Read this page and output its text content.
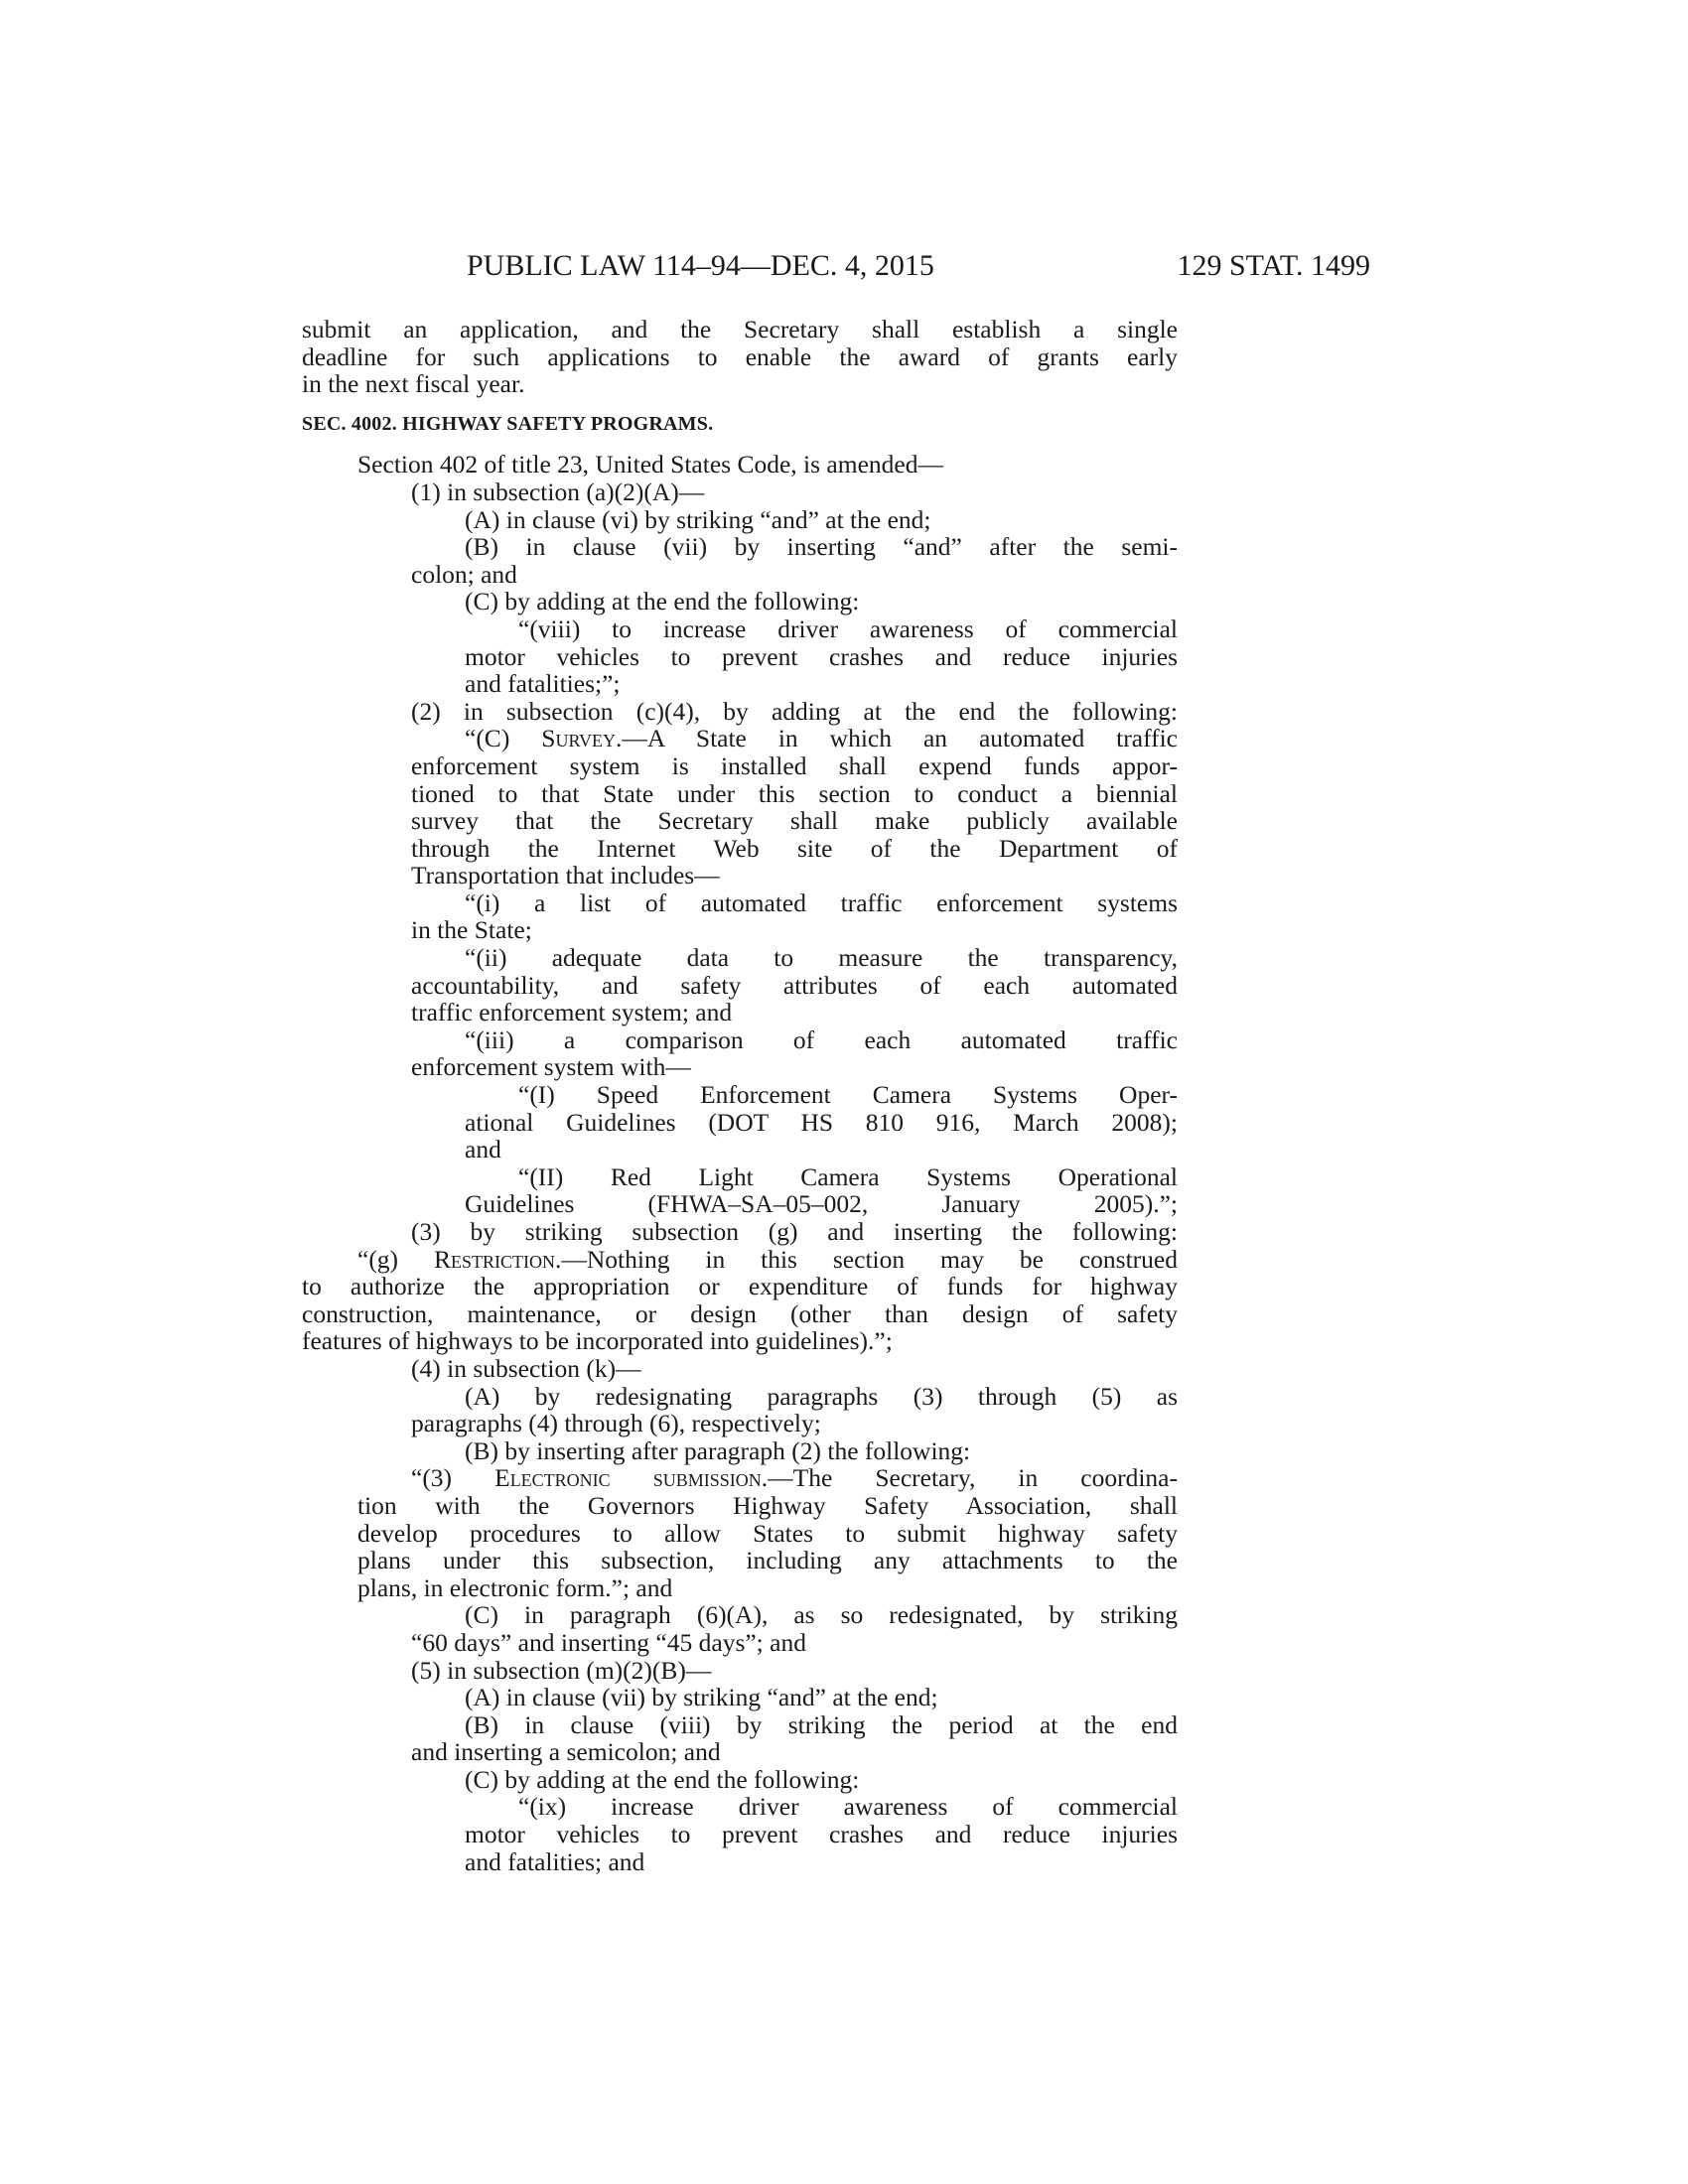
PUBLIC LAW 114–94—DEC. 4, 2015	129 STAT. 1499

submit an application, and the Secretary shall establish a single

deadline for such applications to enable the award of grants early

in the next fiscal year.

SEC. 4002. HIGHWAY SAFETY PROGRAMS.

Section 402 of title 23, United States Code, is amended—

(1) in subsection (a)(2)(A)—

(A) in clause (vi) by striking “and” at the end;

(B) in clause (vii) by inserting “and” after the semi-

colon; and

(C) by adding at the end the following:

“(viii) to increase driver awareness of commercial

motor vehicles to prevent crashes and reduce injuries

and fatalities;”;

(2) in subsection (c)(4), by adding at the end the following:

“(C) Survey.—A State in which an automated traffic

enforcement system is installed shall expend funds appor-

tioned to that State under this section to conduct a biennial

survey that the Secretary shall make publicly available

through the Internet Web site of the Department of

Transportation that includes—

“(i) a list of automated traffic enforcement systems

in the State;

“(ii) adequate data to measure the transparency,

accountability, and safety attributes of each automated

traffic enforcement system; and

“(iii) a comparison of each automated traffic

enforcement system with—

“(I) Speed Enforcement Camera Systems Oper-

ational Guidelines (DOT HS 810 916, March 2008);

and

“(II) Red Light Camera Systems Operational

Guidelines (FHWA–SA–05–002, January 2005).”;

(3) by striking subsection (g) and inserting the following:

“(g) Restriction.—Nothing in this section may be construed

to authorize the appropriation or expenditure of funds for highway

construction, maintenance, or design (other than design of safety

features of highways to be incorporated into guidelines).”;

(4) in subsection (k)—

(A) by redesignating paragraphs (3) through (5) as

paragraphs (4) through (6), respectively;

(B) by inserting after paragraph (2) the following:

“(3) Electronic submission.—The Secretary, in coordina-

tion with the Governors Highway Safety Association, shall

develop procedures to allow States to submit highway safety

plans under this subsection, including any attachments to the

plans, in electronic form.”; and

(C) in paragraph (6)(A), as so redesignated, by striking

“60 days” and inserting “45 days”; and

(5) in subsection (m)(2)(B)—

(A) in clause (vii) by striking “and” at the end;

(B) in clause (viii) by striking the period at the end

and inserting a semicolon; and

(C) by adding at the end the following:

“(ix) increase driver awareness of commercial

motor vehicles to prevent crashes and reduce injuries

and fatalities; and
